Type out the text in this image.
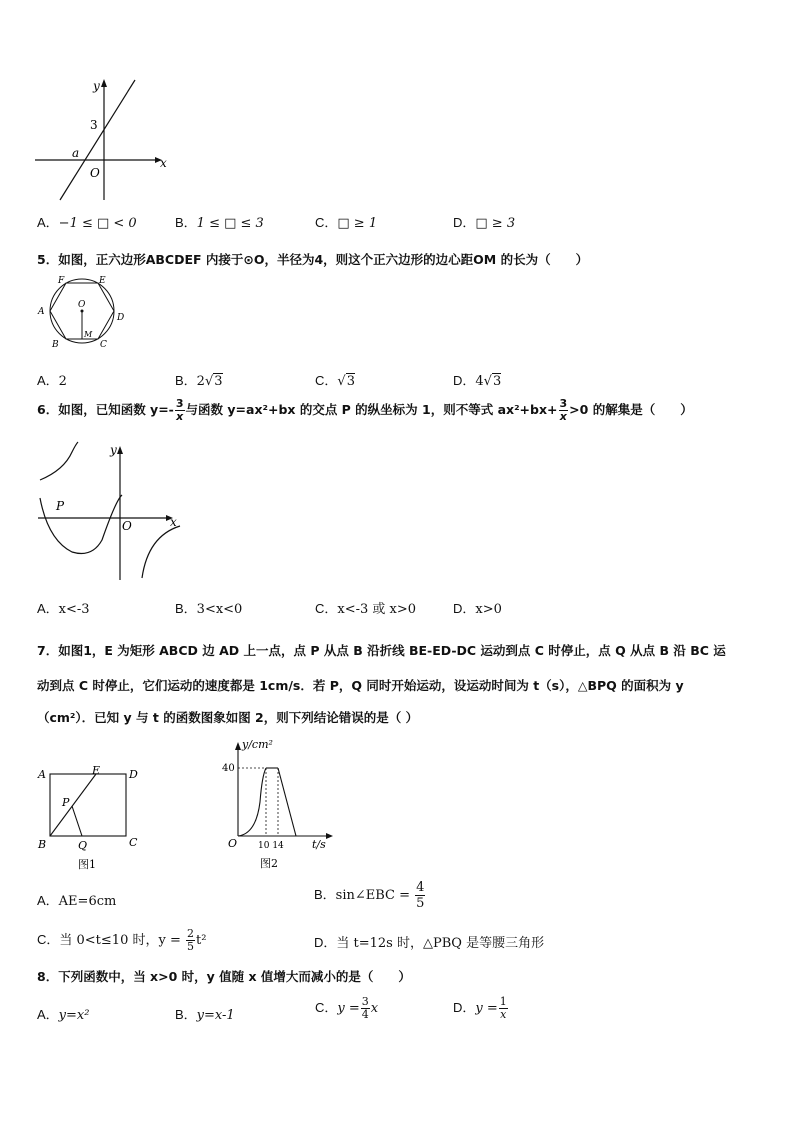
y
x
O
3
a
A．−1 ≤ □ < 0	B．1 ≤ □ ≤ 3	C．□ ≥ 1	D．□ ≥ 3
5．如图，正六边形ABCDEF 内接于⊙O，半径为4，则这个正六边形的边心距OM 的长为（　　）
F	E
A
D
B	C
O
M
A．2	B．2√3	C．√3	D．4√3
6．如图，已知函数 $y=- \frac{3}{x}$ 与函数 y=ax²+bx 的交点 P 的纵坐标为 1，则不等式 $ax^2+bx+ \frac{3}{x} >0$ 的解集是（　　）
y
x
O
P
A．x<-3	B．3<x<0	C．x<-3 或 x>0	D．x>0
7．如图1，E 为矩形 ABCD 边 AD 上一点，点 P 从点 B 沿折线 BE-ED-DC 运动到点 C 时停止，点 Q 从点 B 沿 BC 运
动到点 C 时停止，它们运动的速度都是 1cm/s．若 P，Q 同时开始运动，设运动时间为 t（s），△BPQ 的面积为 y
（cm²）．已知 y 与 t 的函数图象如图 2，则下列结论错误的是（ ）
A	E	D
P
B	Q	C
图1
y/cm²
40
O 10 14	t/s
图2
A．AE=6cm	B．sin∠EBC = $\frac{4}{5}$
C．当 0<t≤10 时，$y = \frac{2}{5} t^2$	D．当 t=12s 时，△PBQ 是等腰三角形
8．下列函数中，当 x>0 时，y 值随 x 值增大而减小的是（　　）
A．y=x²	B．y=x-1
C．$y = \frac{3}{4}$ x	D．$y = \frac{1}{x}$
